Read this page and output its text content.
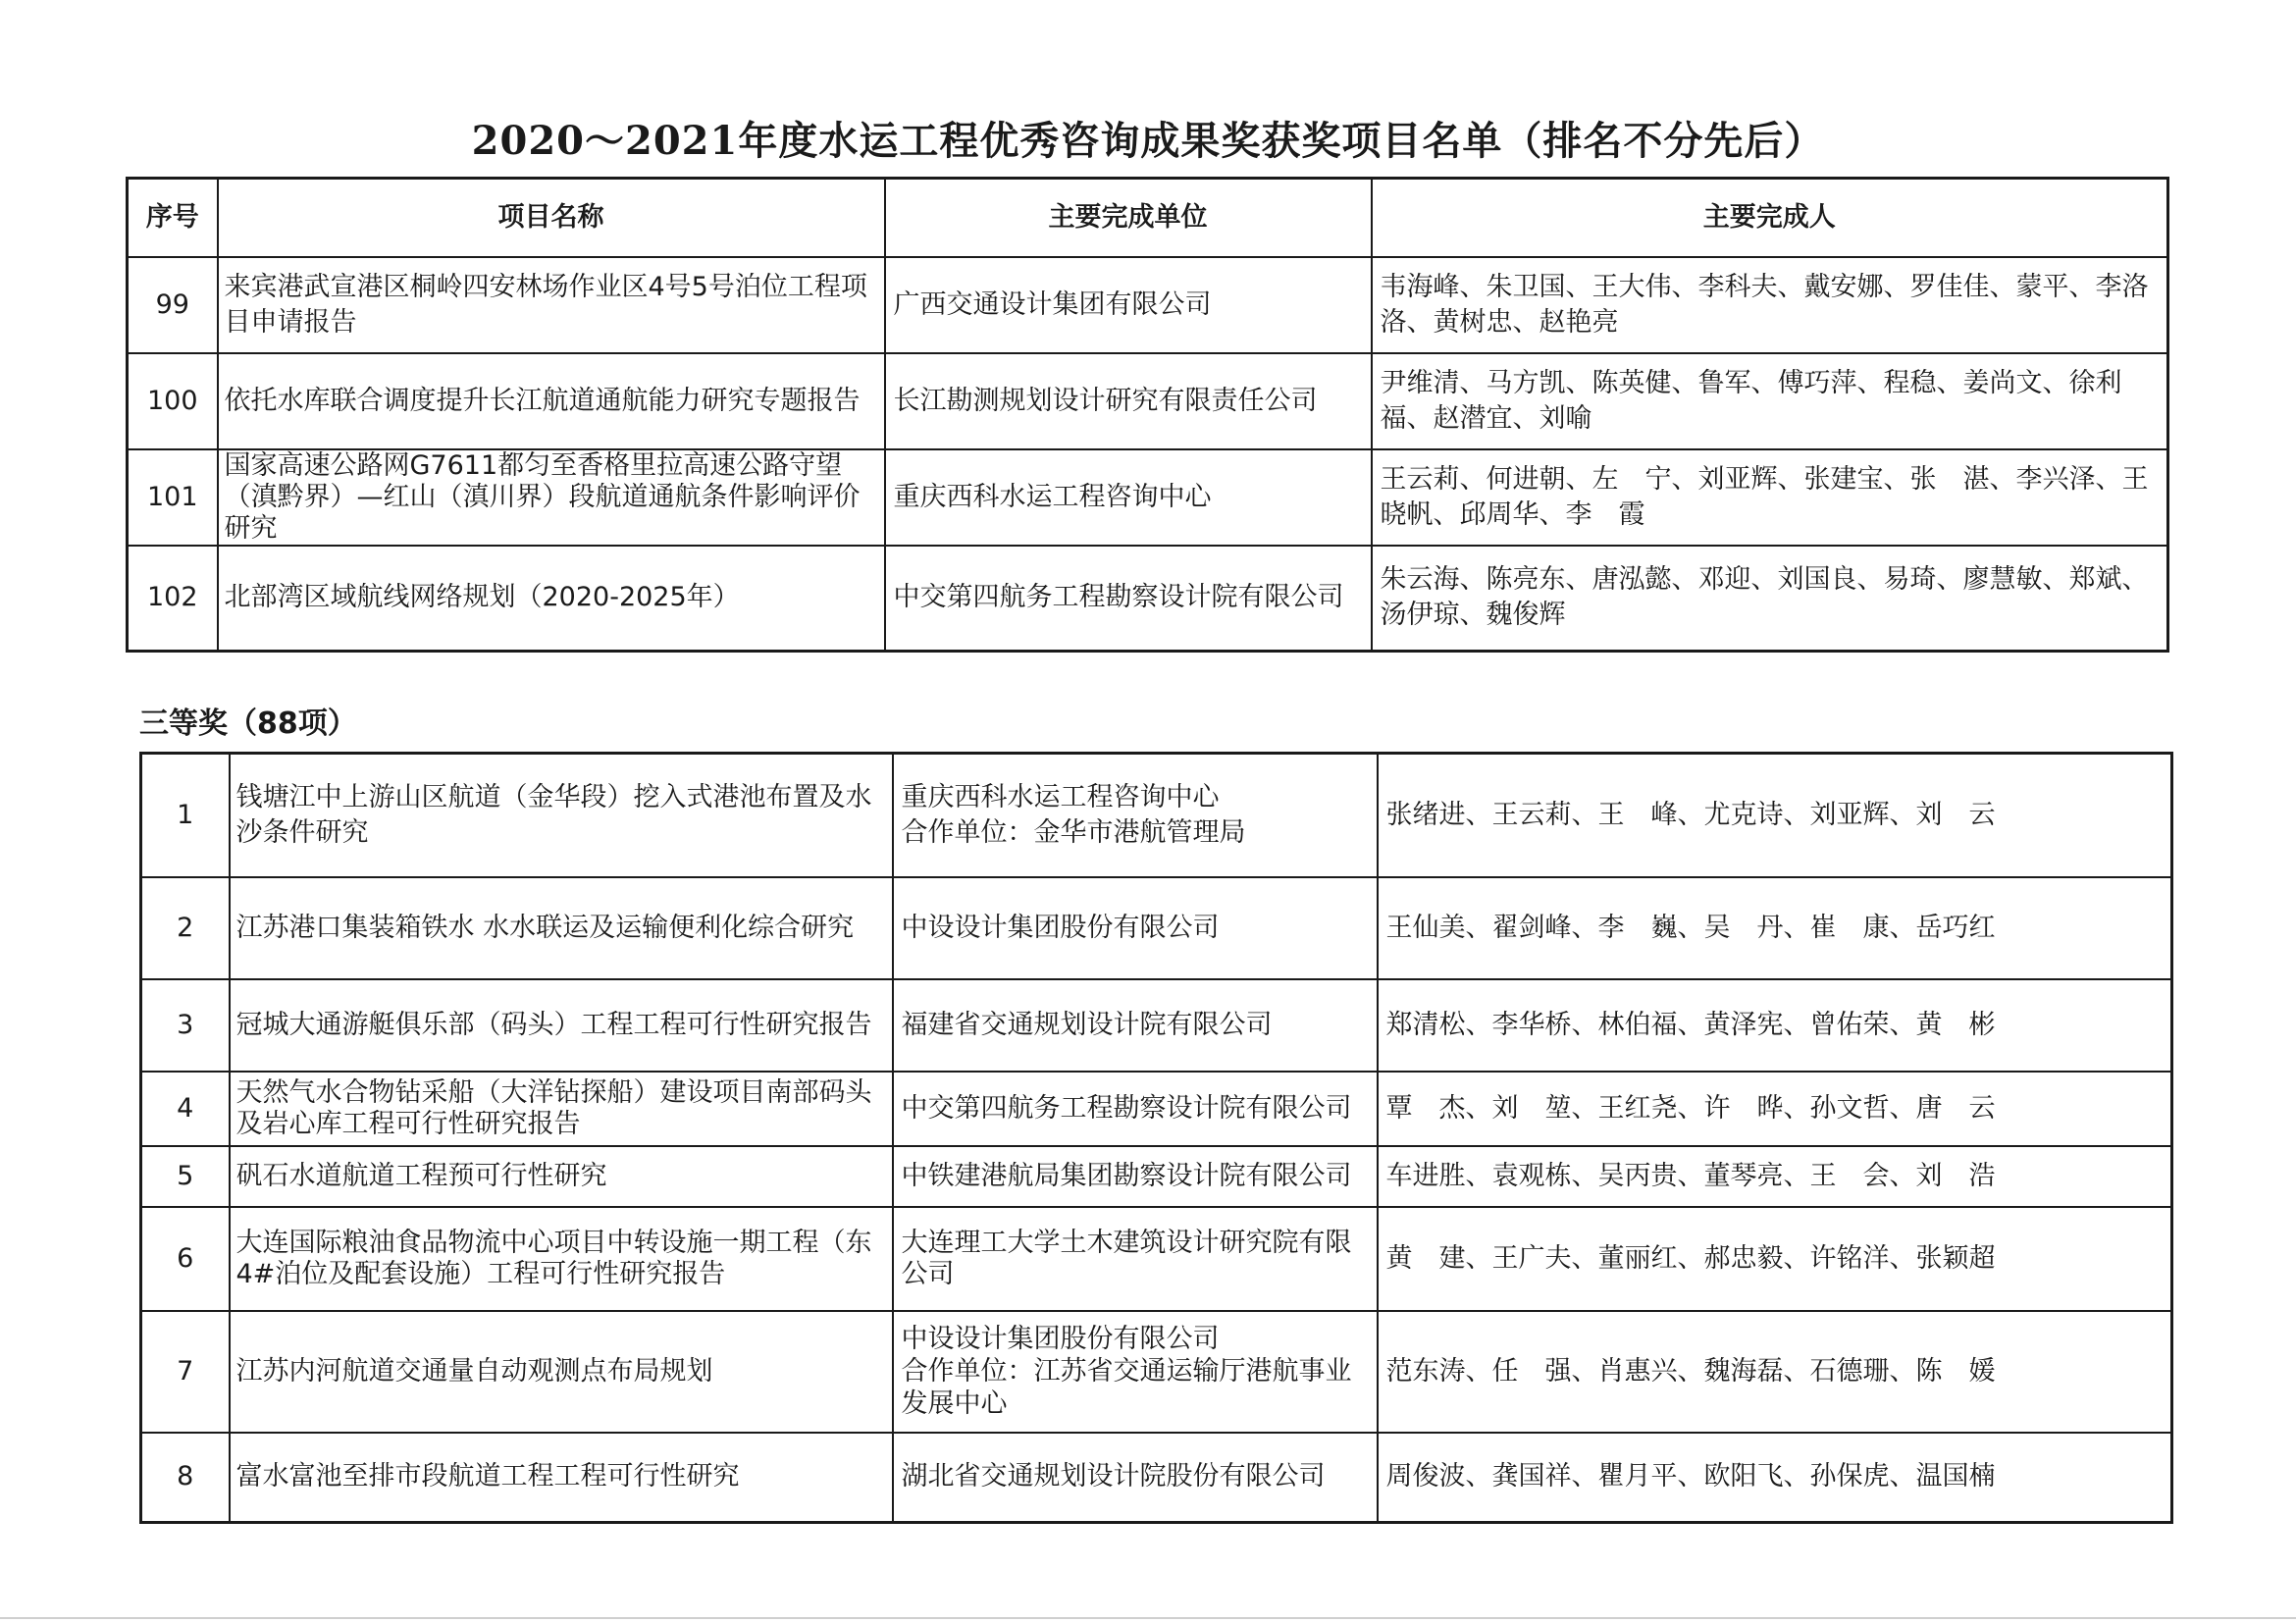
2020～2021年度水运工程优秀咨询成果奖获奖项目名单（排名不分先后）
序号	项目名称	主要完成单位	主要完成人
99	来宾港武宣港区桐岭四安林场作业区4号5号泊位工程项目申请报告	广西交通设计集团有限公司	韦海峰、朱卫国、王大伟、李科夫、戴安娜、罗佳佳、蒙平、李洛洛、黄树忠、赵艳亮
100	依托水库联合调度提升长江航道通航能力研究专题报告	长江勘测规划设计研究有限责任公司	尹维清、马方凯、陈英健、鲁军、傅巧萍、程稳、姜尚文、徐利福、赵潜宜、刘喻
101	国家高速公路网G7611都匀至香格里拉高速公路守望（滇黔界）—红山（滇川界）段航道通航条件影响评价研究	重庆西科水运工程咨询中心	王云莉、何进朝、左　宁、刘亚辉、张建宝、张　湛、李兴泽、王晓帆、邱周华、李　霞
102	北部湾区域航线网络规划（2020-2025年）	中交第四航务工程勘察设计院有限公司	朱云海、陈亮东、唐泓懿、邓迎、刘国良、易琦、廖慧敏、郑斌、汤伊琼、魏俊辉
三等奖（88项）
1	钱塘江中上游山区航道（金华段）挖入式港池布置及水沙条件研究	重庆西科水运工程咨询中心
合作单位：金华市港航管理局	张绪进、王云莉、王　峰、尤克诗、刘亚辉、刘　云
2	江苏港口集装箱铁水 水水联运及运输便利化综合研究	中设设计集团股份有限公司	王仙美、翟剑峰、李　巍、吴　丹、崔　康、岳巧红
3	冠城大通游艇俱乐部（码头）工程工程可行性研究报告	福建省交通规划设计院有限公司	郑清松、李华桥、林伯福、黄泽宪、曾佑荣、黄　彬
4	天然气水合物钻采船（大洋钻探船）建设项目南部码头及岩心库工程可行性研究报告	中交第四航务工程勘察设计院有限公司	覃　杰、刘　堃、王红尧、许　晔、孙文哲、唐　云
5	矾石水道航道工程预可行性研究	中铁建港航局集团勘察设计院有限公司	车进胜、袁观栋、吴丙贵、董琴亮、王　会、刘　浩
6	大连国际粮油食品物流中心项目中转设施一期工程（东4#泊位及配套设施）工程可行性研究报告	大连理工大学土木建筑设计研究院有限公司	黄　建、王广夫、董丽红、郝忠毅、许铭洋、张颖超
7	江苏内河航道交通量自动观测点布局规划	中设设计集团股份有限公司
合作单位：江苏省交通运输厅港航事业发展中心	范东涛、任　强、肖惠兴、魏海磊、石德珊、陈　媛
8	富水富池至排市段航道工程工程可行性研究	湖北省交通规划设计院股份有限公司	周俊波、龚国祥、瞿月平、欧阳飞、孙保虎、温国楠
